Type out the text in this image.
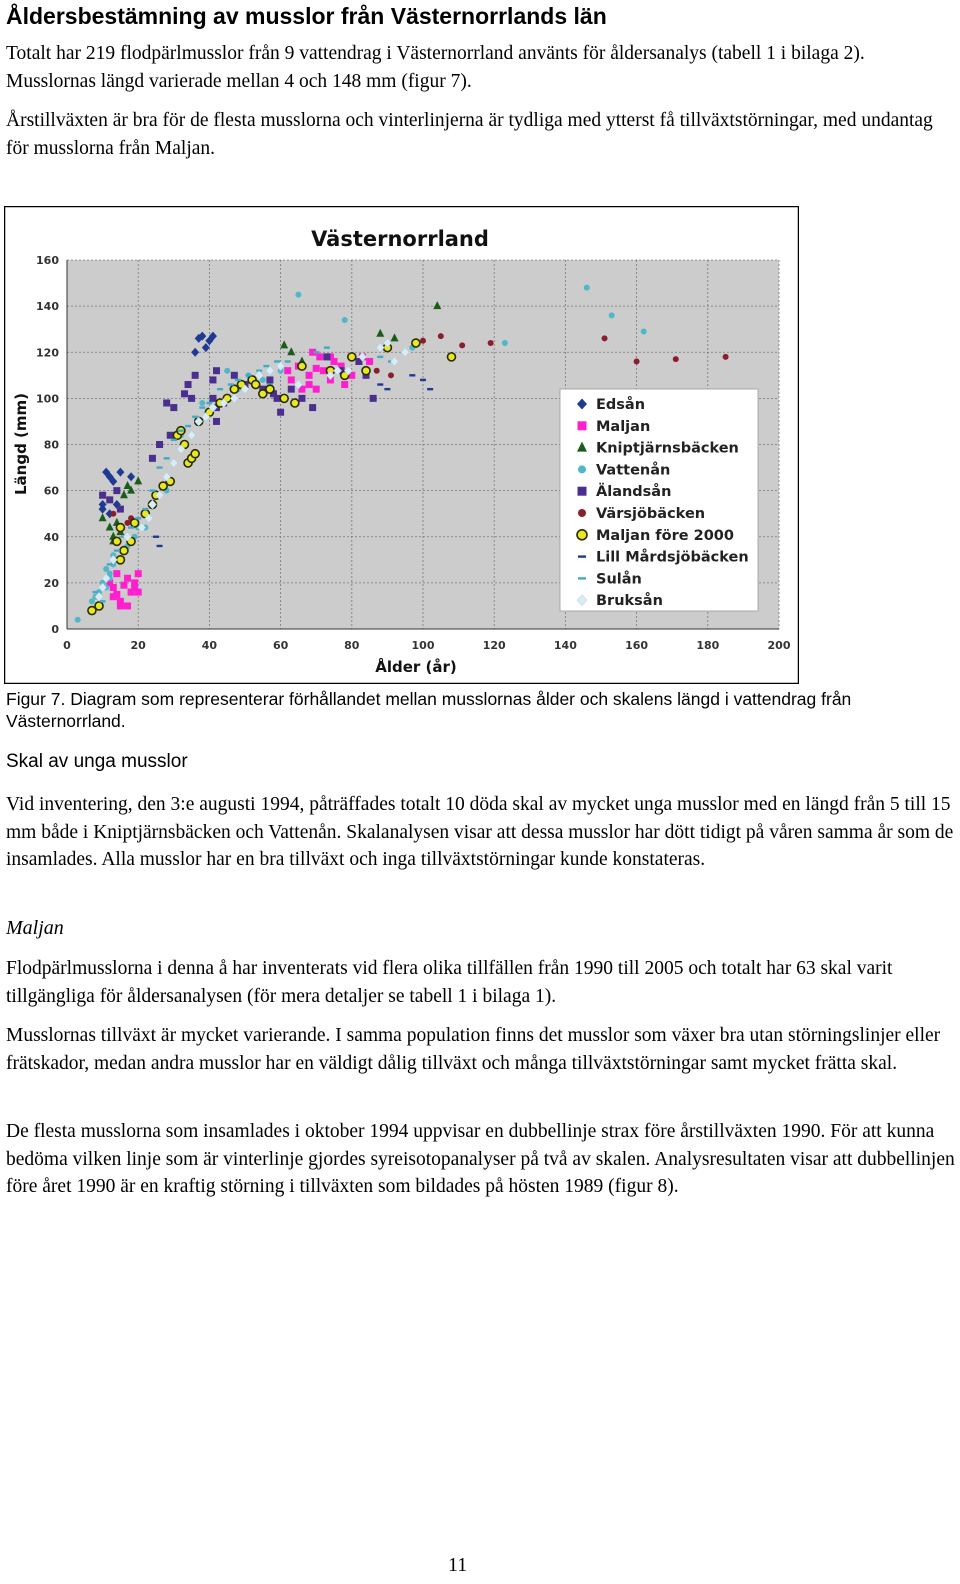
Åldersbestämning av musslor från Västernorrlands län

Totalt har 219 flodpärlmusslor från 9 vattendrag i Västernorrland använts för åldersanalys (tabell 1 i bilaga 2). Musslornas längd varierade mellan 4 och 148 mm (figur 7).

Årstillväxten är bra för de flesta musslorna och vinterlinjerna är tydliga med ytterst få tillväxtstörningar, med undantag för musslorna från Maljan.

0
20
40
60
80
100
120
140
160
0	20	40	60	80	100	120	140	160	180	200
Västernorrland
Ålder (år)
Längd (mm)	Edsån
Maljan
Kniptjärnsbäcken
Vattenån
Älandsån
Värsjöbäcken
Maljan före 2000
Lill Mårdsjöbäcken
Sulån
Bruksån

Figur 7. Diagram som representerar förhållandet mellan musslornas ålder och skalens längd i vattendrag från Västernorrland.

Skal av unga musslor

Vid inventering, den 3:e augusti 1994, påträffades totalt 10 döda skal av mycket unga musslor med en längd från 5 till 15 mm både i Kniptjärnsbäcken och Vattenån. Skalanalysen visar att dessa musslor har dött tidigt på våren samma år som de insamlades. Alla musslor har en bra tillväxt och inga tillväxtstörningar kunde konstateras.

Maljan

Flodpärlmusslorna i denna å har inventerats vid flera olika tillfällen från 1990 till 2005 och totalt har 63 skal varit tillgängliga för åldersanalysen (för mera detaljer se tabell 1 i bilaga 1).

Musslornas tillväxt är mycket varierande. I samma population finns det musslor som växer bra utan störningslinjer eller frätskador, medan andra musslor har en väldigt dålig tillväxt och många tillväxtstörningar samt mycket frätta skal.

De flesta musslorna som insamlades i oktober 1994 uppvisar en dubbellinje strax före årstillväxten 1990. För att kunna bedöma vilken linje som är vinterlinje gjordes syreisotopanalyser på två av skalen. Analysresultaten visar att dubbellinjen före året 1990 är en kraftig störning i tillväxten som bildades på hösten 1989 (figur 8).

11
